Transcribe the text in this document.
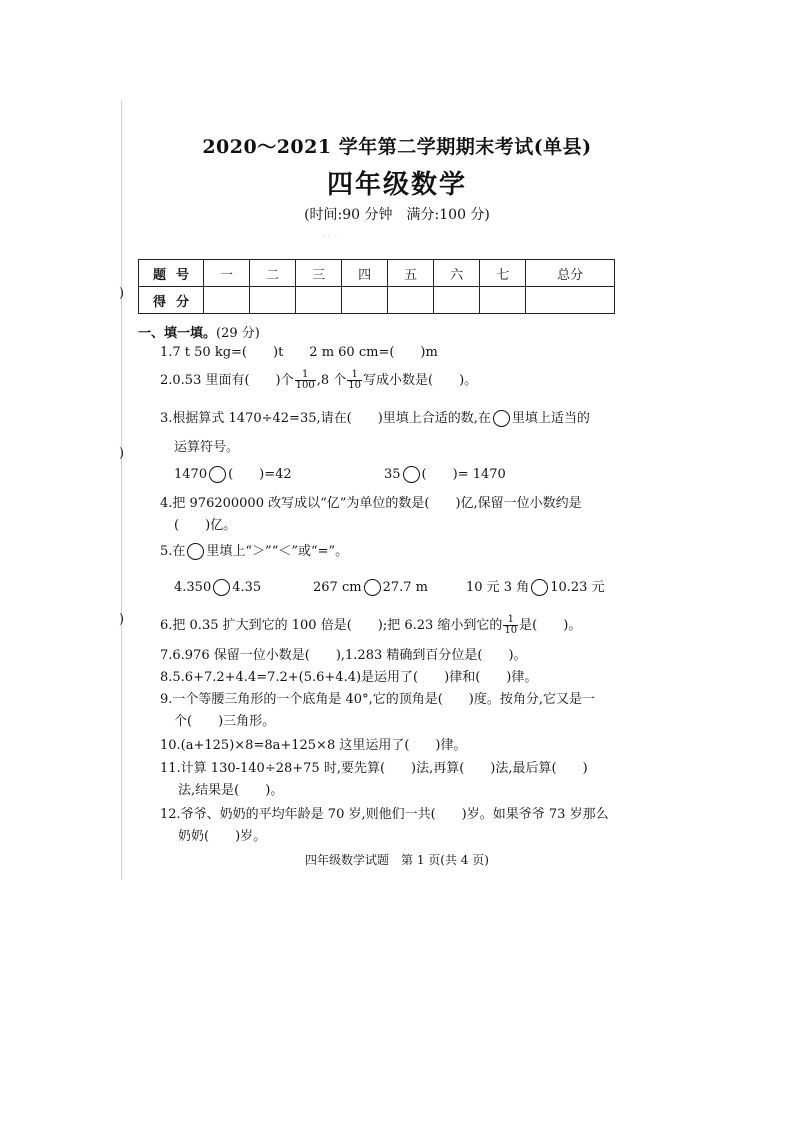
)
)
)
2020～2021 学年第二学期期末考试(单县)
四年级数学
(时间:90 分钟　满分:100 分)
· ·  ·
题号	一	二	三	四	五	六	七	总分
得分								
一、填一填。(29 分)
1.7 t 50 kg=(　　)t　　2 m 60 cm=(　　)m
2.0.53 里面有(　　)个 $\frac{1}{100} ,8$ 个 $\frac{1}{10}$ 写成小数是(　　)。
3.根据算式 1470÷42=35,请在(　　)里填上合适的数,在 里填上适当的
运算符号。
1470 (　　)=42	35 (　　)= 1470
4.把 976200000 改写成以“亿”为单位的数是(　　)亿,保留一位小数约是
(　　)亿。
5.在 里填上“＞”“＜”或“=”。
4.350 4.35	267 cm 27.7 m	10 元 3 角 10.23 元
6.把 0.35 扩大到它的 100 倍是(　　);把 6.23 缩小到它的 $\frac{1}{10}$ 是(　　)。
7.6.976 保留一位小数是(　　),1.283 精确到百分位是(　　)。
8.5.6+7.2+4.4=7.2+(5.6+4.4)是运用了(　　)律和(　　)律。
9.一个等腰三角形的一个底角是 40°,它的顶角是(　　)度。按角分,它又是一
个(　　)三角形。
10.(a+125)×8=8a+125×8 这里运用了(　　)律。
11.计算 130-140÷28+75 时,要先算(　　)法,再算(　　)法,最后算(　　)
法,结果是(　　)。
12.爷爷、奶奶的平均年龄是 70 岁,则他们一共(　　)岁。如果爷爷 73 岁那么
奶奶(　　)岁。
四年级数学试题　第 1 页(共 4 页)
